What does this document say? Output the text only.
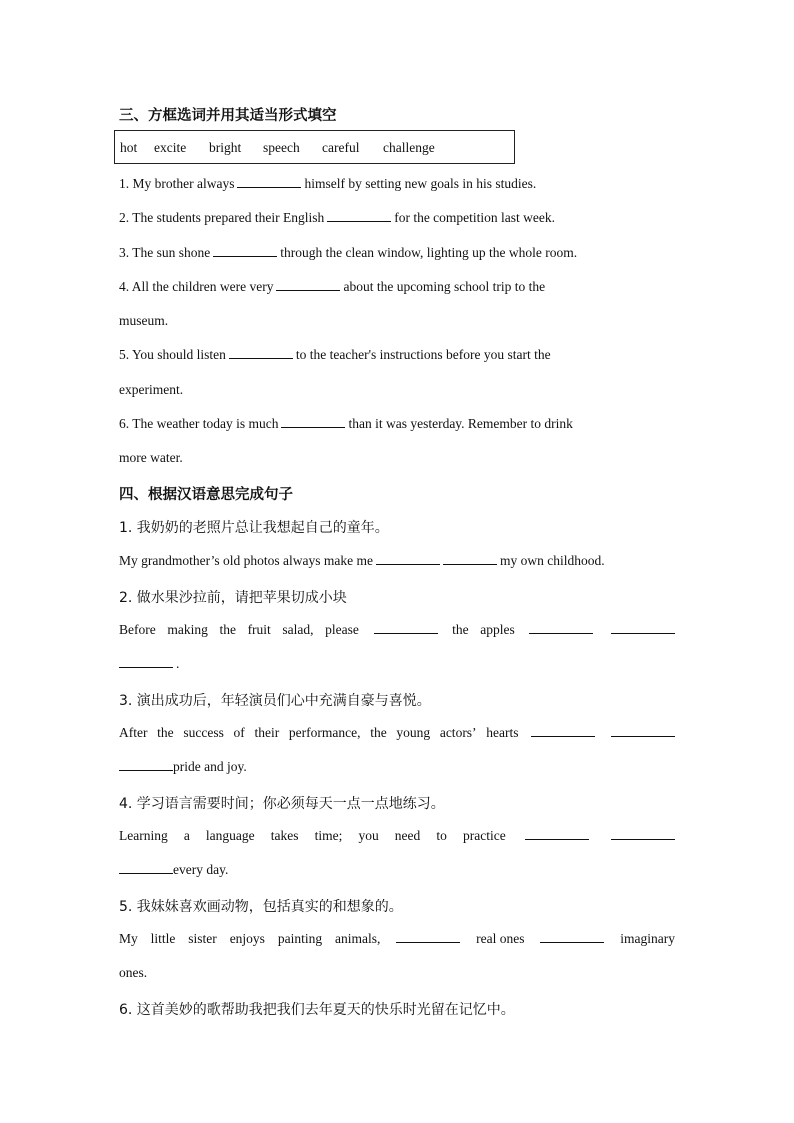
三、方框选词并用其适当形式填空
hot excite bright speech careful challenge
1. My brother always	himself by setting new goals in his studies.
2. The students prepared their English	for the competition last week.
3. The sun shone	through the clean window, lighting up the whole room.
4. All the children were very	about the upcoming school trip to the
museum.
5. You should listen	to the teacher's instructions before you start the
experiment.
6. The weather today is much	than it was yesterday. Remember to drink
more water.
四、根据汉语意思完成句子
1. 我奶奶的老照片总让我想起自己的童年。
My grandmother’s old photos always make me	my own childhood.
2. 做水果沙拉前，请把苹果切成小块
Before making the fruit salad, please	the apples
.
3. 演出成功后，年轻演员们心中充满自豪与喜悦。
After the success of their performance, the young actors’ hearts
pride and joy.
4. 学习语言需要时间；你必须每天一点一点地练习。
Learning a language takes time; you need to practice
every day.
5. 我妹妹喜欢画动物，包括真实的和想象的。
My little sister enjoys painting animals,	real ones	imaginary
ones.
6. 这首美妙的歌帮助我把我们去年夏天的快乐时光留在记忆中。
